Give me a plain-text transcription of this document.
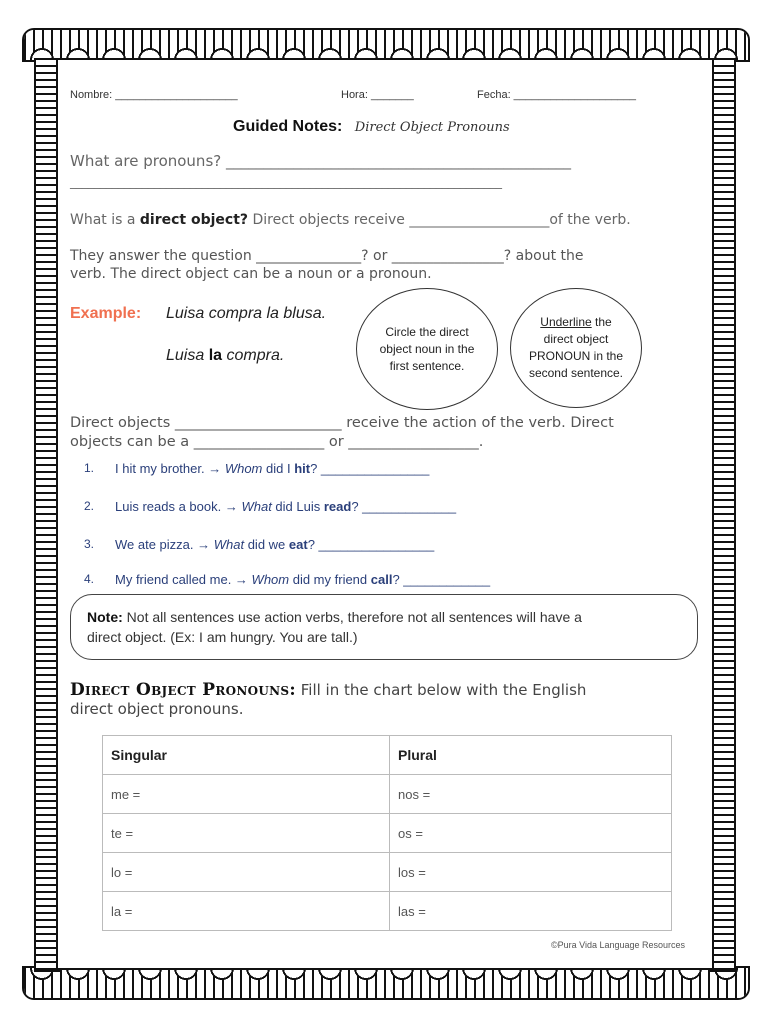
Nombre: ____________________	Hora: _______	Fecha: ____________________
Guided Notes: Direct Object Pronouns
What are pronouns? ______________________________________________
________________________________________________________________________
What is a direct object? Direct objects receive ____________________of the verb.
They answer the question _______________? or ________________? about the
verb. The direct object can be a noun or a pronoun.
Example: Luisa compra la blusa.
Luisa la compra.
Circle the direct object noun in the first sentence.
Underline the direct object PRONOUN in the second sentence.
Direct objects _______________________ receive the action of the verb. Direct
objects can be a __________________ or __________________.
1. I hit my brother. → Whom did I hit? _______________
2. Luis reads a book. → What did Luis read? _____________
3. We ate pizza. → What did we eat? ________________
4. My friend called me. → Whom did my friend call? ____________
Note: Not all sentences use action verbs, therefore not all sentences will have a
direct object. (Ex: I am hungry. You are tall.)
Direct Object Pronouns: Fill in the chart below with the English
direct object pronouns.
Singular	Plural
me =	nos =
te =	os =
lo =	los =
la =	las =
©Pura Vida Language Resources
